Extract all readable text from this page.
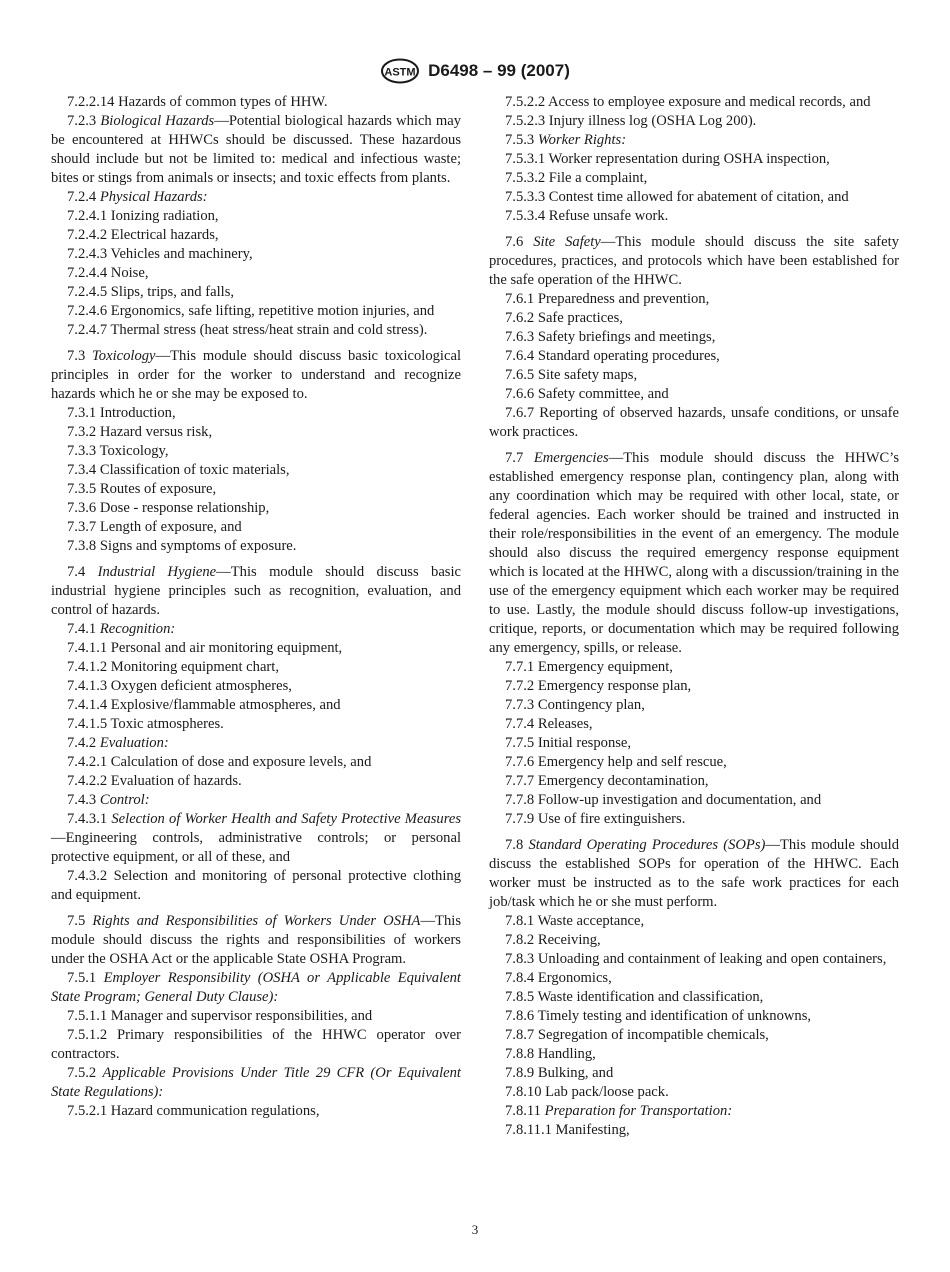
ASTM D6498 – 99 (2007)

7.2.2.14 Hazards of common types of HHW.

7.2.3 Biological Hazards—Potential biological hazards which may be encountered at HHWCs should be discussed. These hazardous should include but not be limited to: medical and infectious waste; bites or stings from animals or insects; and toxic effects from plants.

7.2.4 Physical Hazards:

7.2.4.1 Ionizing radiation,

7.2.4.2 Electrical hazards,

7.2.4.3 Vehicles and machinery,

7.2.4.4 Noise,

7.2.4.5 Slips, trips, and falls,

7.2.4.6 Ergonomics, safe lifting, repetitive motion injuries, and

7.2.4.7 Thermal stress (heat stress/heat strain and cold stress).

7.3 Toxicology—This module should discuss basic toxicological principles in order for the worker to understand and recognize hazards which he or she may be exposed to.

7.3.1 Introduction,

7.3.2 Hazard versus risk,

7.3.3 Toxicology,

7.3.4 Classification of toxic materials,

7.3.5 Routes of exposure,

7.3.6 Dose - response relationship,

7.3.7 Length of exposure, and

7.3.8 Signs and symptoms of exposure.

7.4 Industrial Hygiene—This module should discuss basic industrial hygiene principles such as recognition, evaluation, and control of hazards.

7.4.1 Recognition:

7.4.1.1 Personal and air monitoring equipment,

7.4.1.2 Monitoring equipment chart,

7.4.1.3 Oxygen deficient atmospheres,

7.4.1.4 Explosive/flammable atmospheres, and

7.4.1.5 Toxic atmospheres.

7.4.2 Evaluation:

7.4.2.1 Calculation of dose and exposure levels, and

7.4.2.2 Evaluation of hazards.

7.4.3 Control:

7.4.3.1 Selection of Worker Health and Safety Protective Measures—Engineering controls, administrative controls; or personal protective equipment, or all of these, and

7.4.3.2 Selection and monitoring of personal protective clothing and equipment.

7.5 Rights and Responsibilities of Workers Under OSHA—This module should discuss the rights and responsibilities of workers under the OSHA Act or the applicable State OSHA Program.

7.5.1 Employer Responsibility (OSHA or Applicable Equivalent State Program; General Duty Clause):

7.5.1.1 Manager and supervisor responsibilities, and

7.5.1.2 Primary responsibilities of the HHWC operator over contractors.

7.5.2 Applicable Provisions Under Title 29 CFR (Or Equivalent State Regulations):

7.5.2.1 Hazard communication regulations,

7.5.2.2 Access to employee exposure and medical records, and

7.5.2.3 Injury illness log (OSHA Log 200).

7.5.3 Worker Rights:

7.5.3.1 Worker representation during OSHA inspection,

7.5.3.2 File a complaint,

7.5.3.3 Contest time allowed for abatement of citation, and

7.5.3.4 Refuse unsafe work.

7.6 Site Safety—This module should discuss the site safety procedures, practices, and protocols which have been established for the safe operation of the HHWC.

7.6.1 Preparedness and prevention,

7.6.2 Safe practices,

7.6.3 Safety briefings and meetings,

7.6.4 Standard operating procedures,

7.6.5 Site safety maps,

7.6.6 Safety committee, and

7.6.7 Reporting of observed hazards, unsafe conditions, or unsafe work practices.

7.7 Emergencies—This module should discuss the HHWC’s established emergency response plan, contingency plan, along with any coordination which may be required with other local, state, or federal agencies. Each worker should be trained and instructed in their role/responsibilities in the event of an emergency. The module should also discuss the required emergency response equipment which is located at the HHWC, along with a discussion/training in the use of the emergency equipment which each worker may be required to use. Lastly, the module should discuss follow-up investigations, critique, reports, or documentation which may be required following any emergency, spills, or release.

7.7.1 Emergency equipment,

7.7.2 Emergency response plan,

7.7.3 Contingency plan,

7.7.4 Releases,

7.7.5 Initial response,

7.7.6 Emergency help and self rescue,

7.7.7 Emergency decontamination,

7.7.8 Follow-up investigation and documentation, and

7.7.9 Use of fire extinguishers.

7.8 Standard Operating Procedures (SOPs)—This module should discuss the established SOPs for operation of the HHWC. Each worker must be instructed as to the safe work practices for each job/task which he or she must perform.

7.8.1 Waste acceptance,

7.8.2 Receiving,

7.8.3 Unloading and containment of leaking and open containers,

7.8.4 Ergonomics,

7.8.5 Waste identification and classification,

7.8.6 Timely testing and identification of unknowns,

7.8.7 Segregation of incompatible chemicals,

7.8.8 Handling,

7.8.9 Bulking, and

7.8.10 Lab pack/loose pack.

7.8.11 Preparation for Transportation:

7.8.11.1 Manifesting,

3
